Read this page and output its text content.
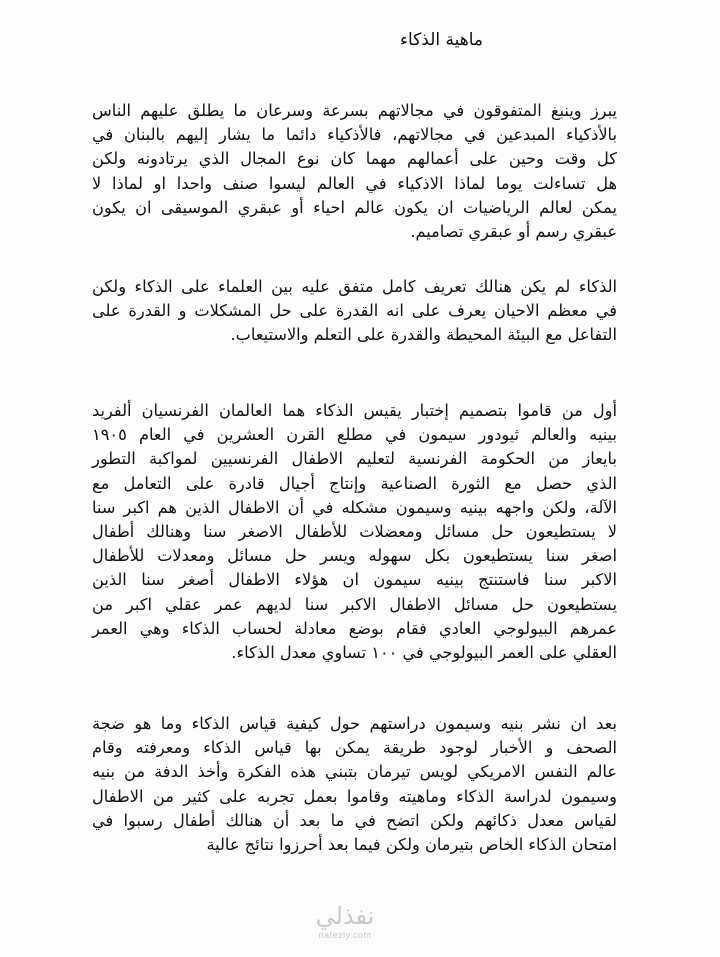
ماهية الذكاء
يبرز وينبغ المتفوقون في مجالاتهم بسرعة وسرعان ما يطلق عليهم الناس
بالأذكياء المبدعين في مجالاتهم، فالأذكياء دائما ما يشار إليهم بالبنان في
كل وقت وحين على أعمالهم مهما كان نوع المجال الذي يرتادونه ولكن
هل تساءلت يوما لماذا الاذكياء في العالم ليسوا صنف واحدا او لماذا لا
يمكن لعالم الرياضيات ان يكون عالم احياء أو عبقري الموسيقى ان يكون
عبقري رسم أو عبقري تصاميم.
الذكاء لم يكن هنالك تعريف كامل متفق عليه بين العلماء على الذكاء ولكن
في معظم الاحيان يعرف على انه القدرة على حل المشكلات و القدرة على
التفاعل مع البيئة المحيطة والقدرة على التعلم والاستيعاب.
أول من قاموا بتصميم إختبار يقيس الذكاء هما العالمان الفرنسيان ألفريد
بينيه والعالم ثيودور سيمون في مطلع القرن العشرين في العام ١٩٠٥
بايعاز من الحكومة الفرنسية لتعليم الاطفال الفرنسيين لمواكبة التطور
الذي حصل مع الثورة الصناعية وإنتاج أجيال قادرة على التعامل مع
الآلة، ولكن واجهه بينيه وسيمون مشكله في أن الاطفال الذين هم اكبر سنا
لا يستطيعون حل مسائل ومعضلات للأطفال الاصغر سنا وهنالك أطفال
اصغر سنا يستطيعون بكل سهوله ويسر حل مسائل ومعدلات للأطفال
الاكبر سنا فاستنتج بينيه سيمون ان هؤلاء الاطفال أصغر سنا الذين
يستطيعون حل مسائل الاطفال الاكبر سنا لديهم عمر عقلي اكبر من
عمرهم البيولوجي العادي فقام بوضع معادلة لحساب الذكاء وهي العمر
العقلي على العمر البيولوجي في ١٠٠ تساوي معدل الذكاء.
بعد ان نشر بنيه وسيمون دراستهم حول كيفية قياس الذكاء وما هو ضجة
الصحف و الأخبار لوجود طريقة يمكن بها قياس الذكاء ومعرفته وقام
عالم النفس الامريكي لويس تيرمان بتبني هذه الفكرة وأخذ الدفة من بنيه
وسيمون لدراسة الذكاء وماهيته وقاموا بعمل تجربه على كثير من الاطفال
لقياس معدل ذكائهم ولكن اتضح في ما بعد أن هنالك أطفال رسبوا في
امتحان الذكاء الخاص بتيرمان ولكن فيما بعد أحرزوا نتائج عالية
نفذلي
nafezly.com
